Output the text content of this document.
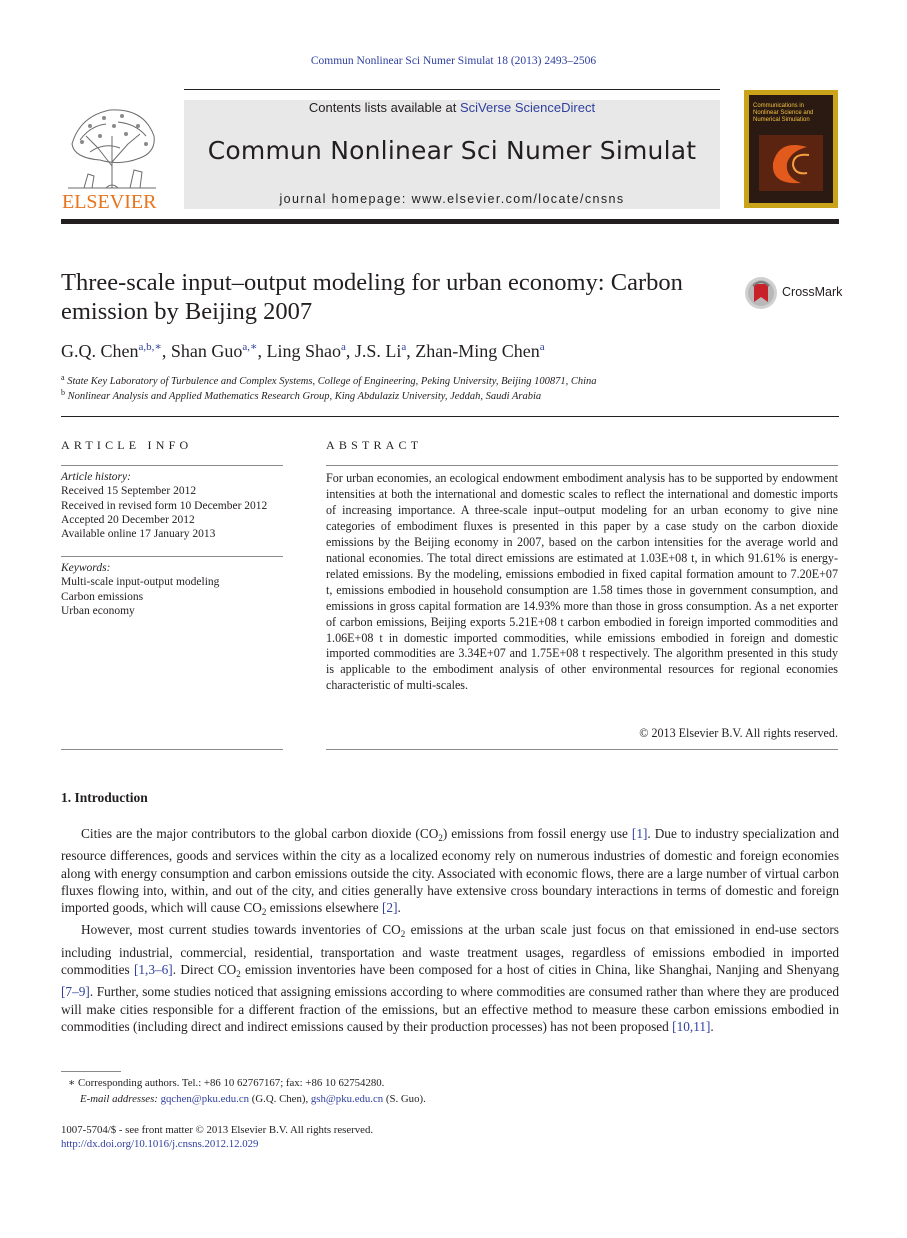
Commun Nonlinear Sci Numer Simulat 18 (2013) 2493–2506
ELSEVIER
Contents lists available at SciVerse ScienceDirect
Commun Nonlinear Sci Numer Simulat
journal homepage: www.elsevier.com/locate/cnsns
Communications in Nonlinear Science and Numerical Simulation
Three-scale input–output modeling for urban economy: Carbon emission by Beijing 2007
CrossMark
G.Q. Chen$^{a,b,∗}$, Shan Guo$^{a,∗}$, Ling Shao$^a$, J.S. Li$^a$, Zhan-Ming Chen$^a$
$^a$ State Key Laboratory of Turbulence and Complex Systems, College of Engineering, Peking University, Beijing 100871, China
$^b$ Nonlinear Analysis and Applied Mathematics Research Group, King Abdulaziz University, Jeddah, Saudi Arabia
ARTICLE INFO
Article history:
Received 15 September 2012
Received in revised form 10 December 2012
Accepted 20 December 2012
Available online 17 January 2013
Keywords:
Multi-scale input-output modeling
Carbon emissions
Urban economy
ABSTRACT
For urban economies, an ecological endowment embodiment analysis has to be supported by endowment intensities at both the international and domestic scales to reflect the international and domestic imports of increasing importance. A three-scale input–output modeling for an urban economy to give nine categories of embodiment fluxes is presented in this paper by a case study on the carbon dioxide emissions by the Beijing economy in 2007, based on the carbon intensities for the average world and national economies. The total direct emissions are estimated at 1.03E+08 t, in which 91.61% is energy-related emissions. By the modeling, emissions embodied in fixed capital formation amount to 7.20E+07 t, emissions embodied in household consumption are 1.58 times those in government consumption, and emissions in gross capital formation are 14.93% more than those in gross consumption. As a net exporter of carbon emissions, Beijing exports 5.21E+08 t carbon embodied in foreign imported commodities and 1.06E+08 t in domestic imported commodities, while emissions embodied in foreign and domestic imported commodities are 3.34E+07 and 1.75E+08 t respectively. The algorithm presented in this study is applicable to the embodiment analysis of other environmental resources for regional economies characteristic of multi-scales.
© 2013 Elsevier B.V. All rights reserved.
1. Introduction

Cities are the major contributors to the global carbon dioxide $(CO_2)$ emissions from fossil energy use [1]. Due to industry specialization and resource differences, goods and services within the city as a localized economy rely on numerous industries of domestic and foreign economies along with energy consumption and carbon emissions outside the city. Associated with economic flows, there are a large number of virtual carbon fluxes flowing into, within, and out of the city, and cities generally have extensive cross boundary interactions in terms of domestic and foreign imported goods, which will cause $CO_2$ emissions elsewhere [2].

However, most current studies towards inventories of $CO_2$ emissions at the urban scale just focus on that emissioned in end-use sectors including industrial, commercial, residential, transportation and waste treatment usages, regardless of emissions embodied in imported commodities [1,3–6]. Direct $CO_2$ emission inventories have been composed for a host of cities in China, like Shanghai, Nanjing and Shenyang [7–9]. Further, some studies noticed that assigning emissions according to where commodities are consumed rather than where they are produced will make cities responsible for a different fraction of the emissions, but an effective method to measure these carbon emissions embodied in commodities (including direct and indirect emissions caused by their production processes) has not been proposed [10,11].

∗ Corresponding authors. Tel.: +86 10 62767167; fax: +86 10 62754280.
E-mail addresses: gqchen@pku.edu.cn (G.Q. Chen), gsh@pku.edu.cn (S. Guo).
1007-5704/$ - see front matter © 2013 Elsevier B.V. All rights reserved.
http://dx.doi.org/10.1016/j.cnsns.2012.12.029
